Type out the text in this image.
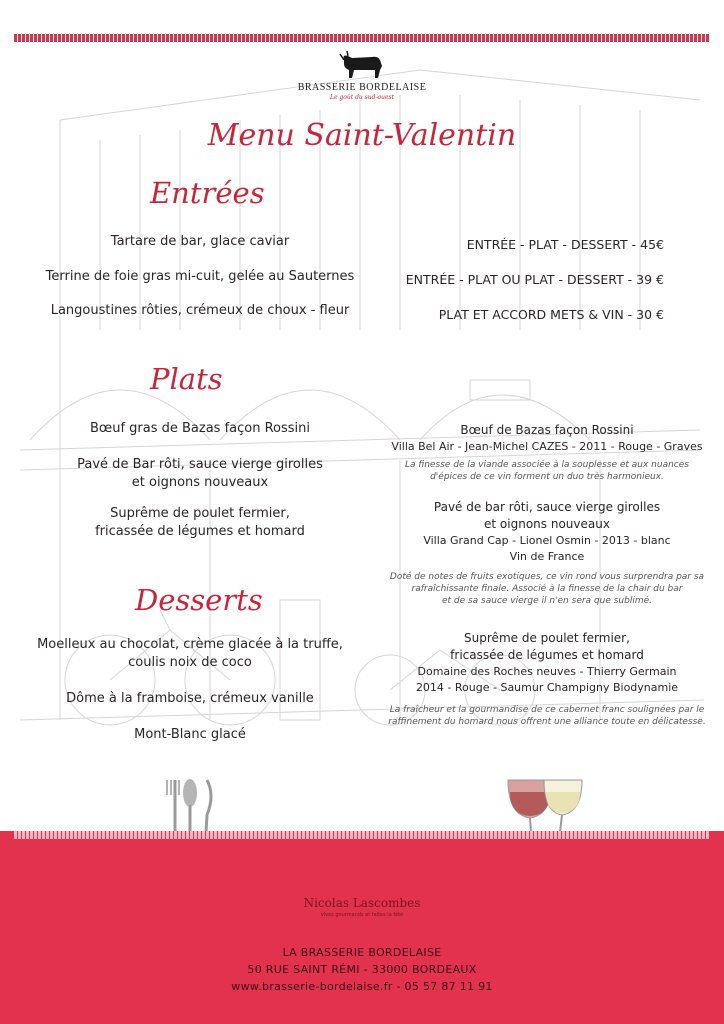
BRASSERIE BORDELAISE
Le goût du sud-ouest
Menu Saint-Valentin
Entrées
Tartare de bar, glace caviar
Terrine de foie gras mi-cuit, gelée au Sauternes
Langoustines rôties, crémeux de choux - fleur
ENTRÉE - PLAT - DESSERT - 45€
ENTRÉE - PLAT OU PLAT - DESSERT - 39 €
PLAT ET ACCORD METS & VIN - 30 €
Plats
Bœuf gras de Bazas façon Rossini
Pavé de Bar rôti, sauce vierge girolles
et oignons nouveaux
Suprême de poulet fermier,
fricassée de légumes et homard
Desserts
Moelleux au chocolat, crème glacée à la truffe,
coulis noix de coco
Dôme à la framboise, crémeux vanille
Mont-Blanc glacé
Bœuf de Bazas façon Rossini
Villa Bel Air - Jean-Michel CAZES - 2011 - Rouge - Graves
La finesse de la viande associée à la souplesse et aux nuances
d'épices de ce vin forment un duo très harmonieux.
Pavé de bar rôti, sauce vierge girolles
et oignons nouveaux
Villa Grand Cap - Lionel Osmin - 2013 - blanc
Vin de France
Doté de notes de fruits exotiques, ce vin rond vous surprendra par sa
rafraîchissante finale. Associé à la finesse de la chair du bar
et de sa sauce vierge il n'en sera que sublimé.
Suprême de poulet fermier,
fricassée de légumes et homard
Domaine des Roches neuves - Thierry Germain
2014 - Rouge - Saumur Champigny Biodynamie
La fraîcheur et la gourmandise de ce cabernet franc soulignées par le
raffinement du homard nous offrent une alliance toute en délicatesse.
Nicolas Lascombes
vivez gourmands et faites la fête
LA BRASSERIE BORDELAISE
50 RUE SAINT RÉMI - 33000 BORDEAUX
www.brasserie-bordelaise.fr - 05 57 87 11 91
